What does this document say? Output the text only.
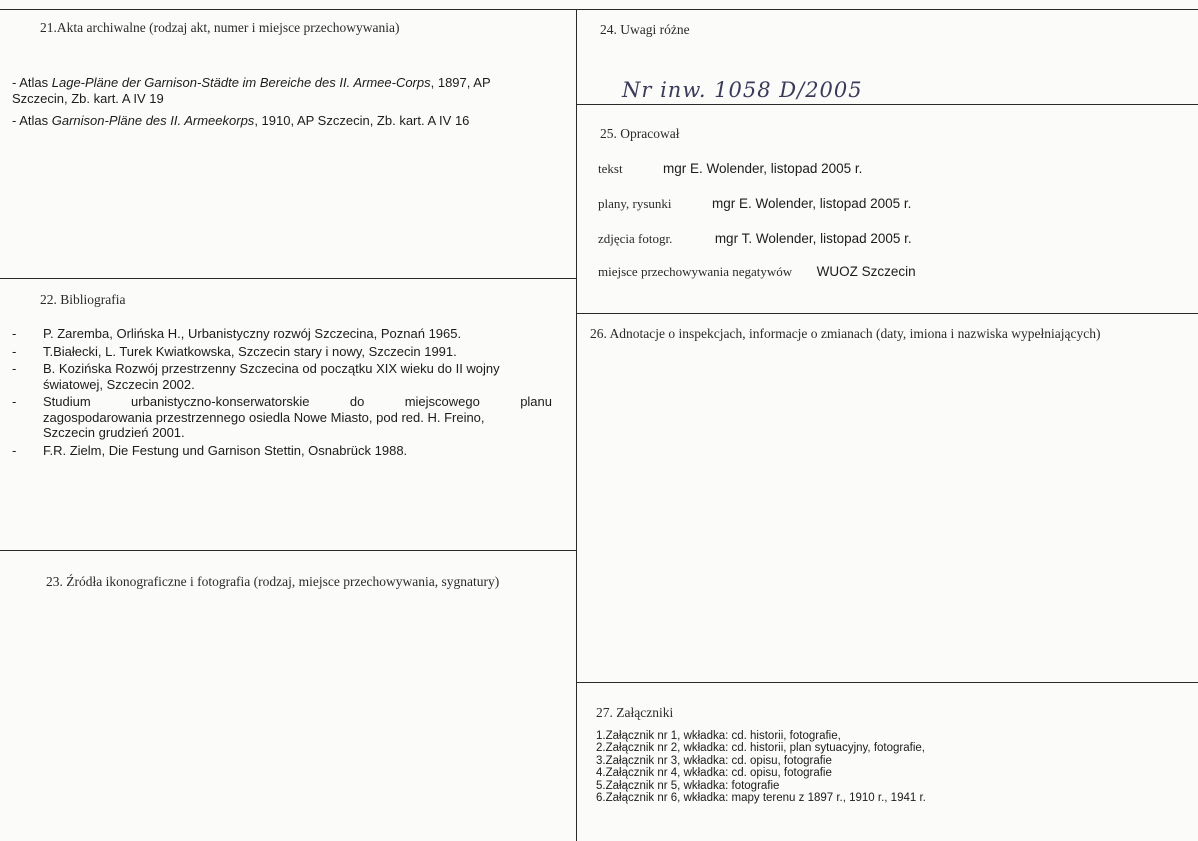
21.Akta archiwalne (rodzaj akt, numer i miejsce przechowywania)
- Atlas Lage-Pläne der Garnison-Städte im Bereiche des II. Armee-Corps, 1897, AP
Szczecin, Zb. kart. A IV 19
- Atlas Garnison-Pläne des II. Armeekorps, 1910, AP Szczecin, Zb. kart. A IV 16
22. Bibliografia
- P. Zaremba, Orlińska H., Urbanistyczny rozwój Szczecina, Poznań 1965.
- T.Białecki, L. Turek Kwiatkowska, Szczecin stary i nowy, Szczecin 1991.
- B. Kozińska Rozwój przestrzenny Szczecina od początku XIX wieku do II wojny
światowej, Szczecin 2002.
- Studium urbanistyczno-konserwatorskie do miejscowego planu
zagospodarowania przestrzennego osiedla Nowe Miasto, pod red. H. Freino,
Szczecin grudzień 2001.
- F.R. Zielm, Die Festung und Garnison Stettin, Osnabrück 1988.
23. Źródła ikonograficzne i fotografia (rodzaj, miejsce przechowywania, sygnatury)
24. Uwagi różne
Nr inw. 1058 D/2005
25. Opracował
tekst	mgr E. Wolender, listopad 2005 r.
plany, rysunki	mgr E. Wolender, listopad 2005 r.
zdjęcia fotogr.	mgr T. Wolender, listopad 2005 r.
miejsce przechowywania negatywów WUOZ Szczecin
26. Adnotacje o inspekcjach, informacje o zmianach (daty, imiona i nazwiska wypełniających)
27. Załączniki
1.Załącznik nr 1, wkładka: cd. historii, fotografie,
2.Załącznik nr 2, wkładka: cd. historii, plan sytuacyjny, fotografie,
3.Załącznik nr 3, wkładka: cd. opisu, fotografie
4.Załącznik nr 4, wkładka: cd. opisu, fotografie
5.Załącznik nr 5, wkładka: fotografie
6.Załącznik nr 6, wkładka: mapy terenu z 1897 r., 1910 r., 1941 r.
